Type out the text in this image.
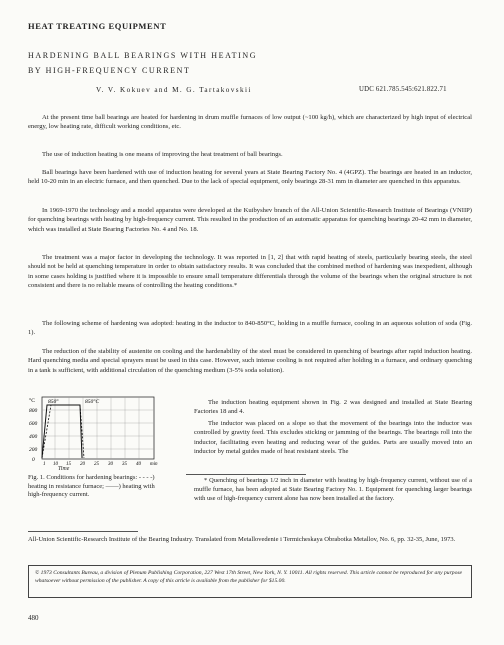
HEAT TREATING EQUIPMENT
HARDENING BALL BEARINGS WITH HEATING
BY HIGH-FREQUENCY CURRENT
V. V. Kokuev and M. G. Tartakovskii	UDC 621.785.545:621.822.71
At the present time ball bearings are heated for hardening in drum muffle furnaces of low output (~100 kg/h), which are characterized by high input of electrical energy, low heating rate, difficult working conditions, etc.
The use of induction heating is one means of improving the heat treatment of ball bearings.
Ball bearings have been hardened with use of induction heating for several years at State Bearing Factory No. 4 (4GPZ). The bearings are heated in an inductor, held 10-20 min in an electric furnace, and then quenched. Due to the lack of special equipment, only bearings 28-31 mm in diameter are quenched in this apparatus.
In 1969-1970 the technology and a model apparatus were developed at the Kuibyshev branch of the All-Union Scientific-Research Institute of Bearings (VNIIP) for quenching bearings with heating by high-frequency current. This resulted in the production of an automatic apparatus for quenching bearings 20-42 mm in diameter, which was installed at State Bearing Factories No. 4 and No. 18.
The treatment was a major factor in developing the technology. It was reported in [1, 2] that with rapid heating of steels, particularly bearing steels, the steel should not be held at quenching temperature in order to obtain satisfactory results. It was concluded that the combined method of hardening was inexpedient, although in some cases holding is justified where it is impossible to ensure small temperature differentials through the volume of the bearings when the original structure is not consistent and there is no reliable means of controlling the heating conditions.*
The following scheme of hardening was adopted: heating in the inductor to 840-850°C, holding in a muffle furnace, cooling in an aqueous solution of soda (Fig. 1).
The reduction of the stability of austenite on cooling and the hardenability of the steel must be considered in quenching of bearings after rapid induction heating. Hard quenching media and special sprayers must be used in this case. However, such intense cooling is not required after holding in a furnace, and ordinary quenching in a tank is sufficient, with additional circulation of the quenching medium (3-5% soda solution).
°C
800
600
400
200
0
850°	850°C
1 10 15 20 25 30 35 40 min
Time
Fig. 1. Conditions for hardening bearings: - - - -) heating in resistance furnace; ——) heating with high-frequency current.
The induction heating equipment shown in Fig. 2 was designed and installed at State Bearing Factories 18 and 4.
The inductor was placed on a slope so that the movement of the bearings into the inductor was controlled by gravity feed. This excludes sticking or jamming of the bearings. The bearings roll into the inductor, facilitating even heating and reducing wear of the guides. Parts are usually moved into an inductor by metal guides made of heat resistant steels. The
* Quenching of bearings 1/2 inch in diameter with heating by high-frequency current, without use of a muffle furnace, has been adopted at State Bearing Factory No. 1. Equipment for quenching larger bearings with use of high-frequency current alone has now been installed at the factory.
All-Union Scientific-Research Institute of the Bearing Industry. Translated from Metallovedenie i Termicheskaya Obrabotka Metallov, No. 6, pp. 32-35, June, 1973.
© 1973 Consultants Bureau, a division of Plenum Publishing Corporation, 227 West 17th Street, New York, N. Y. 10011. All rights reserved. This article cannot be reproduced for any purpose whatsoever without permission of the publisher. A copy of this article is available from the publisher for $15.00.
480
